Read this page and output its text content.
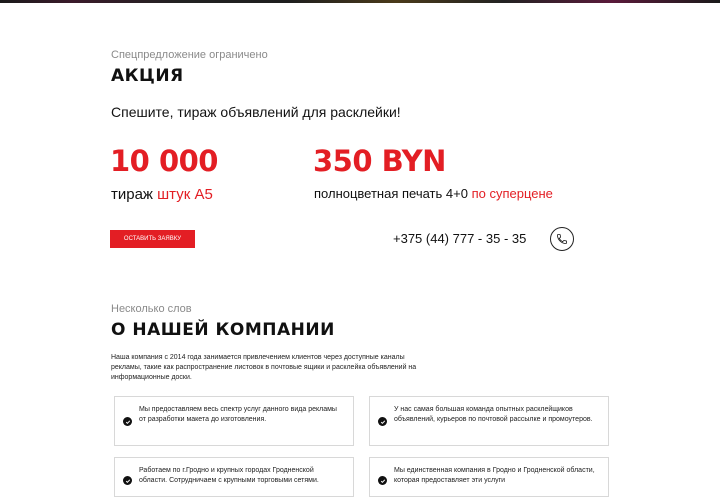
Спецпредложение ограничено
АКЦИЯ
Спешите, тираж объявлений для расклейки!
10 000
тираж штук А5
350 BYN
полноцветная печать 4+0 по суперцене
ОСТАВИТЬ ЗАЯВКУ	+375 (44) 777 - 35 - 35
Несколько слов
О НАШЕЙ КОМПАНИИ
Наша компания с 2014 года занимается привлечением клиентов через доступные каналы рекламы, такие как распространение листовок в почтовые ящики и расклейка объявлений на информационные доски.
Мы предоставляем весь спектр услуг данного вида рекламы от разработки макета до изготовления.
У нас самая большая команда опытных расклейщиков объявлений, курьеров по почтовой рассылке и промоутеров.
Работаем по г.Гродно и крупных городах Гродненской области. Сотрудничаем с крупными торговыми сетями.
Мы единственная компания в Гродно и Гродненской области, которая предоставляет эти услуги
